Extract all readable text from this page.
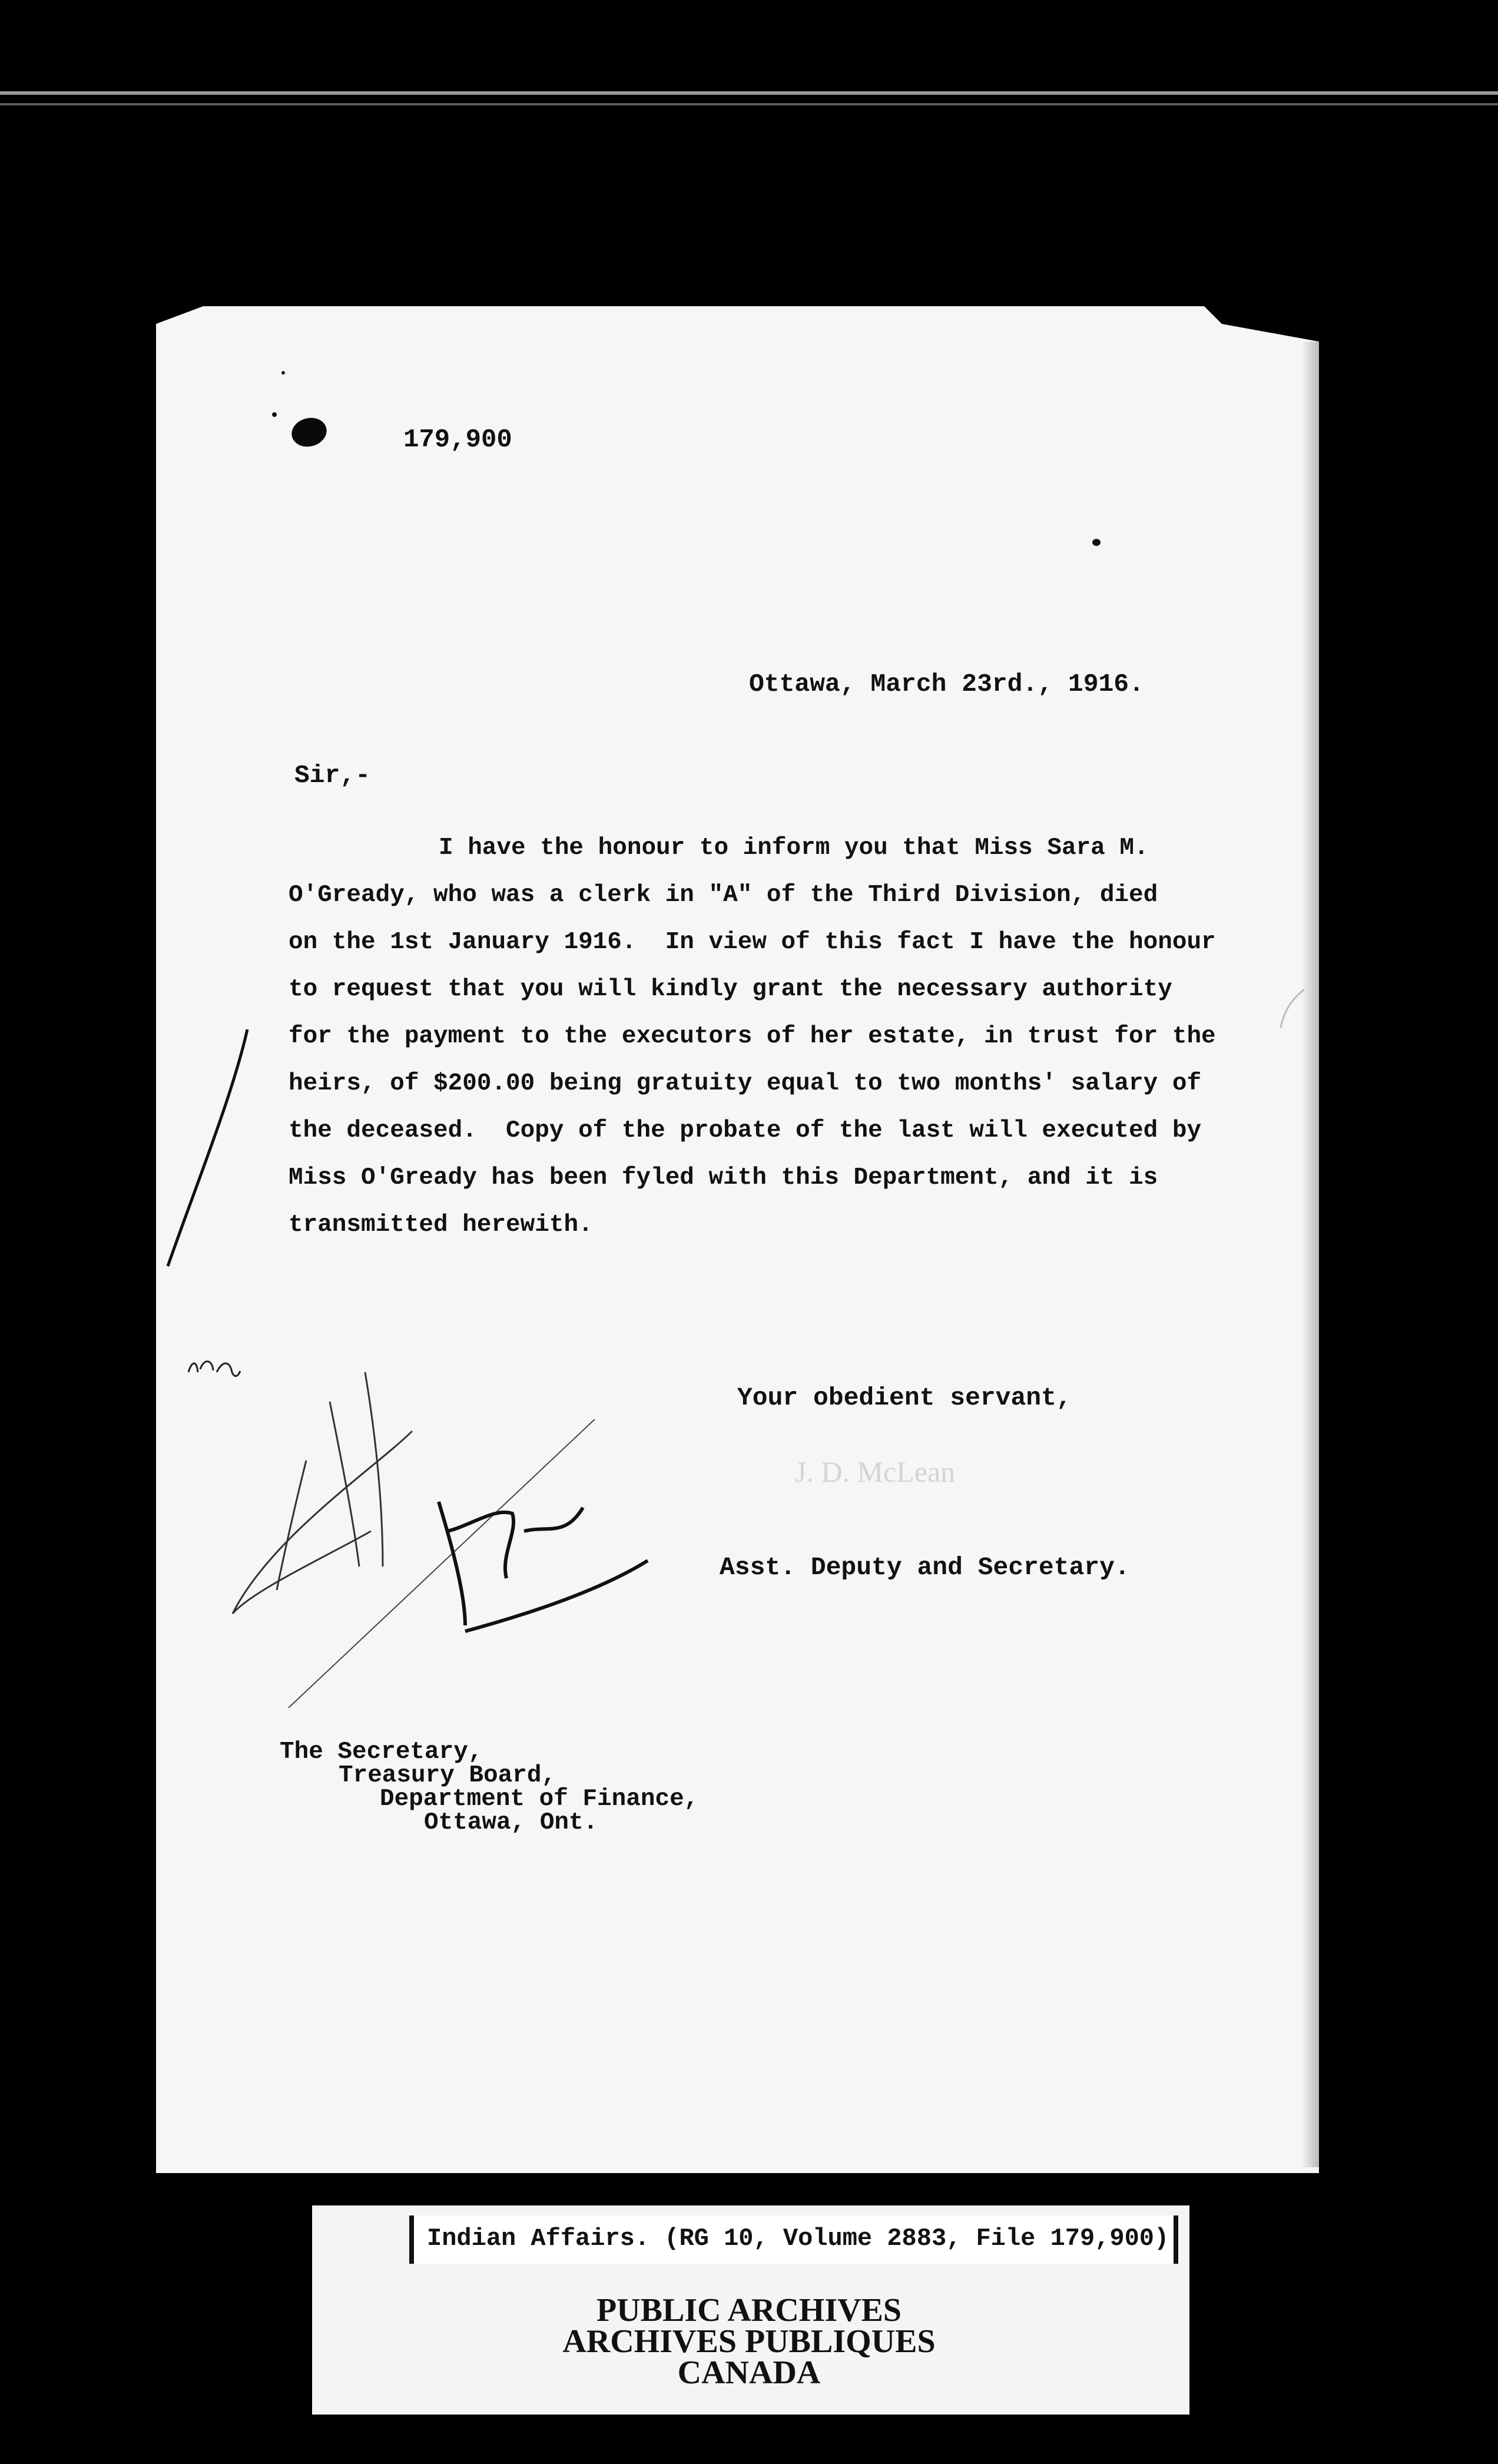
179,900
Ottawa, March 23rd., 1916.
Sir,-
I have the honour to inform you that Miss Sara M.
O'Gready, who was a clerk in "A" of the Third Division, died
on the 1st January 1916.  In view of this fact I have the honour
to request that you will kindly grant the necessary authority
for the payment to the executors of her estate, in trust for the
heirs, of $200.00 being gratuity equal to two months' salary of
the deceased.  Copy of the probate of the last will executed by
Miss O'Gready has been fyled with this Department, and it is
transmitted herewith.
Your obedient servant,
J. D. McLean
Asst. Deputy and Secretary.
The Secretary,
Treasury Board,
Department of Finance,
Ottawa, Ont.
Indian Affairs. (RG 10, Volume 2883, File 179,900)
PUBLIC ARCHIVES
ARCHIVES PUBLIQUES
CANADA
